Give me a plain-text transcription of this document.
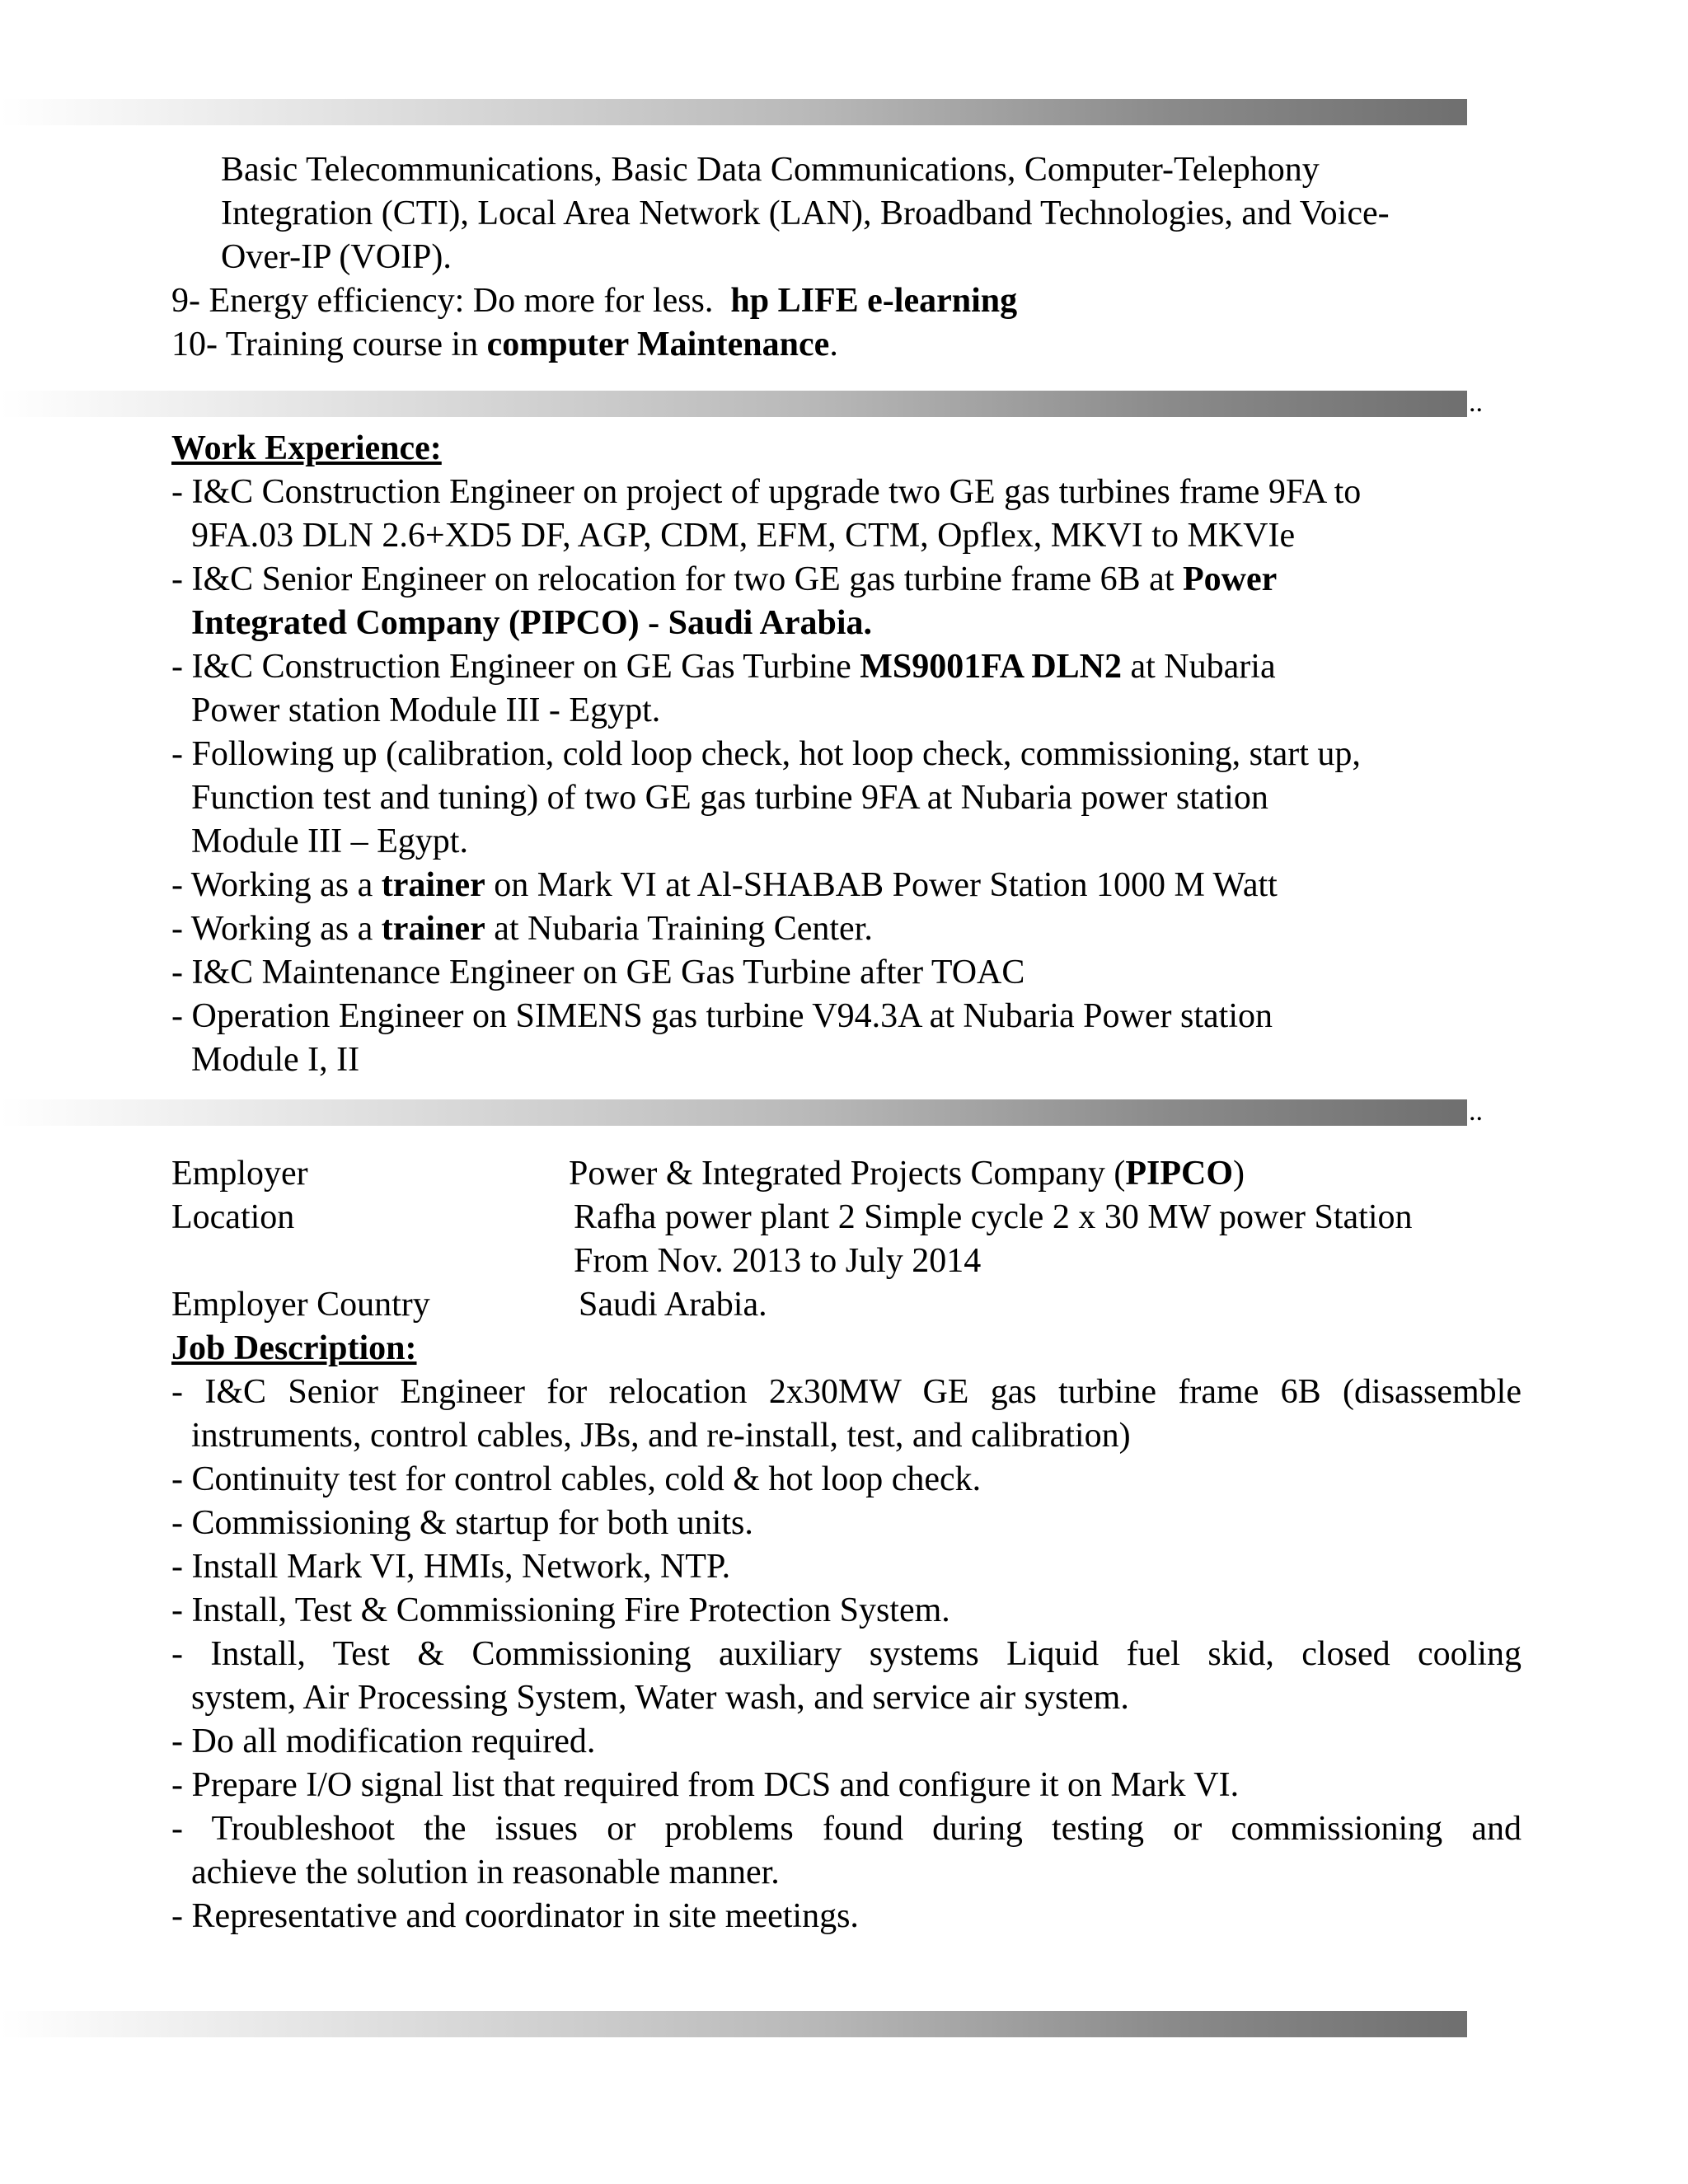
Basic Telecommunications, Basic Data Communications, Computer-Telephony
Integration (CTI), Local Area Network (LAN), Broadband Technologies, and Voice-
Over-IP (VOIP).
9- Energy efficiency: Do more for less.  hp LIFE e-learning
10- Training course in computer Maintenance.
..
Work Experience:
- I&C Construction Engineer on project of upgrade two GE gas turbines frame 9FA to
9FA.03 DLN 2.6+XD5 DF, AGP, CDM, EFM, CTM, Opflex, MKVI to MKVIe
- I&C Senior Engineer on relocation for two GE gas turbine frame 6B at Power
Integrated Company (PIPCO) - Saudi Arabia.
- I&C Construction Engineer on GE Gas Turbine MS9001FA DLN2 at Nubaria
Power station Module III - Egypt.
- Following up (calibration, cold loop check, hot loop check, commissioning, start up,
Function test and tuning) of two GE gas turbine 9FA at Nubaria power station
Module III – Egypt.
- Working as a trainer on Mark VI at Al-SHABAB Power Station 1000 M Watt
- Working as a trainer at Nubaria Training Center.
- I&C Maintenance Engineer on GE Gas Turbine after TOAC
- Operation Engineer on SIMENS gas turbine V94.3A at Nubaria Power station
Module I, II
..
Employer	Power & Integrated Projects Company (PIPCO)
Location	Rafha power plant 2 Simple cycle 2 x 30 MW power Station
From Nov. 2013 to July 2014
Employer Country	Saudi Arabia.
Job Description:
- I&C Senior Engineer for relocation 2x30MW GE gas turbine frame 6B (disassemble
instruments, control cables, JBs, and re-install, test, and calibration)
- Continuity test for control cables, cold & hot loop check.
- Commissioning & startup for both units.
- Install Mark VI, HMIs, Network, NTP.
- Install, Test & Commissioning Fire Protection System.
- Install, Test & Commissioning auxiliary systems Liquid fuel skid, closed cooling
system, Air Processing System, Water wash, and service air system.
- Do all modification required.
- Prepare I/O signal list that required from DCS and configure it on Mark VI.
- Troubleshoot the issues or problems found during testing or commissioning and
achieve the solution in reasonable manner.
- Representative and coordinator in site meetings.
